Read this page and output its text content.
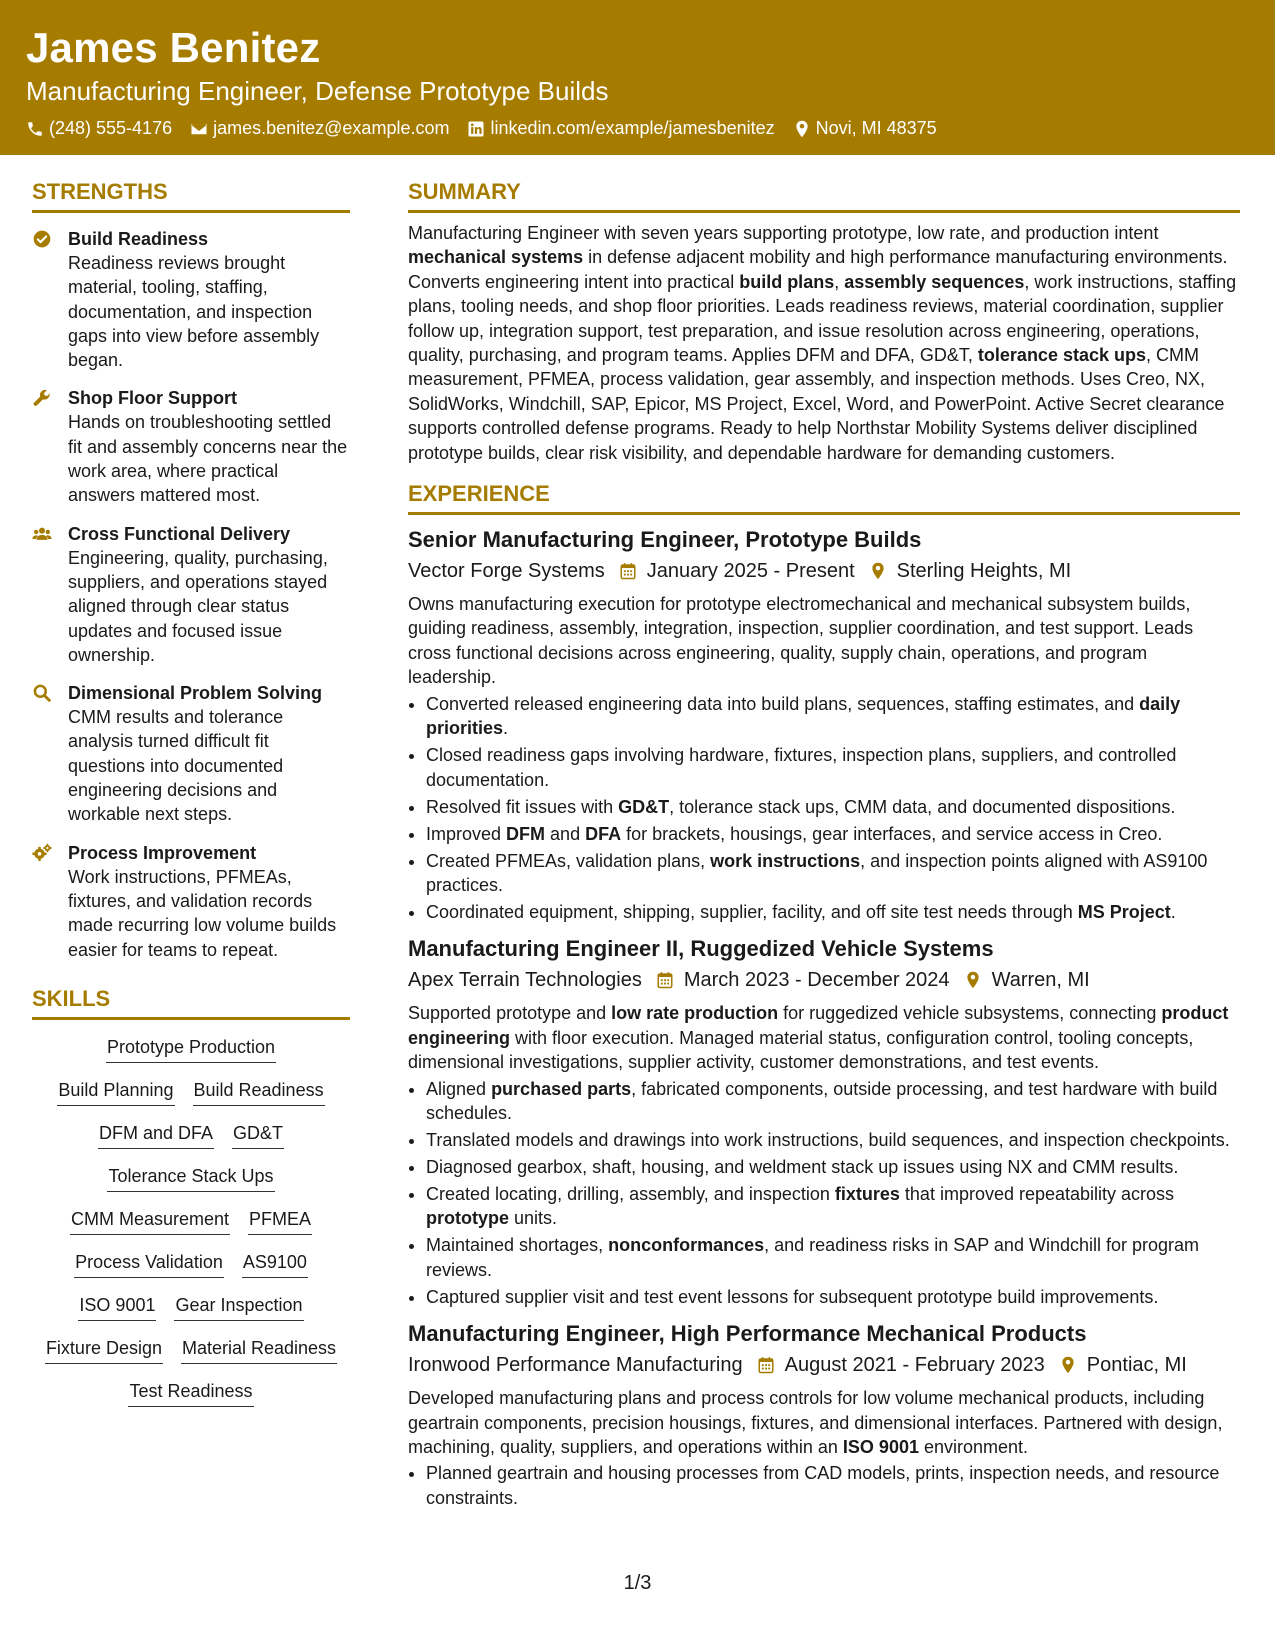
James Benitez
Manufacturing Engineer, Defense Prototype Builds
(248) 555-4176 james.benitez@example.com linkedin.com/example/jamesbenitez Novi, MI 48375
STRENGTHS
Build Readiness
Readiness reviews brought material, tooling, staffing, documentation, and inspection gaps into view before assembly began.
Shop Floor Support
Hands on troubleshooting settled fit and assembly concerns near the work area, where practical answers mattered most.
Cross Functional Delivery
Engineering, quality, purchasing, suppliers, and operations stayed aligned through clear status updates and focused issue ownership.
Dimensional Problem Solving
CMM results and tolerance analysis turned difficult fit questions into documented engineering decisions and workable next steps.
Process Improvement
Work instructions, PFMEAs, fixtures, and validation records made recurring low volume builds easier for teams to repeat.
SKILLS
Prototype Production
Build Planning Build Readiness
DFM and DFA GD&T
Tolerance Stack Ups
CMM Measurement PFMEA
Process Validation AS9100
ISO 9001 Gear Inspection
Fixture Design Material Readiness
Test Readiness
SUMMARY
Manufacturing Engineer with seven years supporting prototype, low rate, and production intent mechanical systems in defense adjacent mobility and high performance manufacturing environments. Converts engineering intent into practical build plans, assembly sequences, work instructions, staffing plans, tooling needs, and shop floor priorities. Leads readiness reviews, material coordination, supplier follow up, integration support, test preparation, and issue resolution across engineering, operations, quality, purchasing, and program teams. Applies DFM and DFA, GD&T, tolerance stack ups, CMM measurement, PFMEA, process validation, gear assembly, and inspection methods. Uses Creo, NX, SolidWorks, Windchill, SAP, Epicor, MS Project, Excel, Word, and PowerPoint. Active Secret clearance supports controlled defense programs. Ready to help Northstar Mobility Systems deliver disciplined prototype builds, clear risk visibility, and dependable hardware for demanding customers.
EXPERIENCE
Senior Manufacturing Engineer, Prototype Builds
Vector Forge Systems January 2025 - Present Sterling Heights, MI
Owns manufacturing execution for prototype electromechanical and mechanical subsystem builds, guiding readiness, assembly, integration, inspection, supplier coordination, and test support. Leads cross functional decisions across engineering, quality, supply chain, operations, and program leadership.
• Converted released engineering data into build plans, sequences, staffing estimates, and daily priorities.
• Closed readiness gaps involving hardware, fixtures, inspection plans, suppliers, and controlled documentation.
• Resolved fit issues with GD&T, tolerance stack ups, CMM data, and documented dispositions.
• Improved DFM and DFA for brackets, housings, gear interfaces, and service access in Creo.
• Created PFMEAs, validation plans, work instructions, and inspection points aligned with AS9100 practices.
• Coordinated equipment, shipping, supplier, facility, and off site test needs through MS Project.
Manufacturing Engineer II, Ruggedized Vehicle Systems
Apex Terrain Technologies March 2023 - December 2024 Warren, MI
Supported prototype and low rate production for ruggedized vehicle subsystems, connecting product engineering with floor execution. Managed material status, configuration control, tooling concepts, dimensional investigations, supplier activity, customer demonstrations, and test events.
• Aligned purchased parts, fabricated components, outside processing, and test hardware with build schedules.
• Translated models and drawings into work instructions, build sequences, and inspection checkpoints.
• Diagnosed gearbox, shaft, housing, and weldment stack up issues using NX and CMM results.
• Created locating, drilling, assembly, and inspection fixtures that improved repeatability across prototype units.
• Maintained shortages, nonconformances, and readiness risks in SAP and Windchill for program reviews.
• Captured supplier visit and test event lessons for subsequent prototype build improvements.
Manufacturing Engineer, High Performance Mechanical Products
Ironwood Performance Manufacturing August 2021 - February 2023 Pontiac, MI
Developed manufacturing plans and process controls for low volume mechanical products, including geartrain components, precision housings, fixtures, and dimensional interfaces. Partnered with design, machining, quality, suppliers, and operations within an ISO 9001 environment.
• Planned geartrain and housing processes from CAD models, prints, inspection needs, and resource constraints.
1/3
